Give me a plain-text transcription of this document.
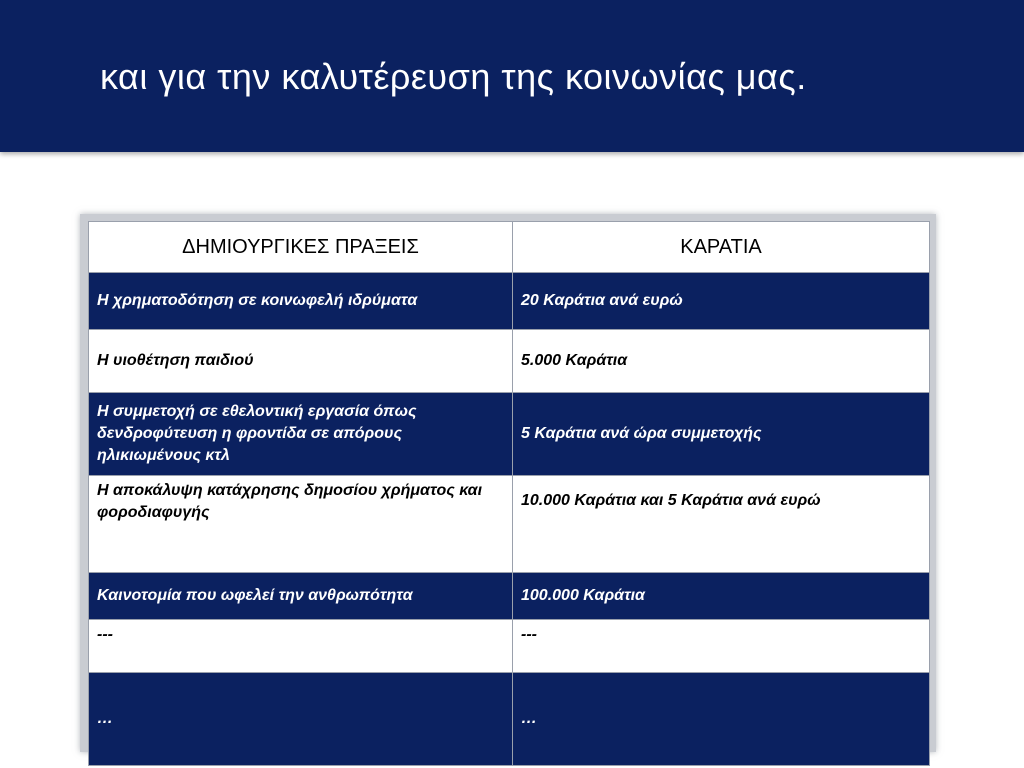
και για την καλυτέρευση της κοινωνίας μας.
ΔΗΜΙΟΥΡΓΙΚΕΣ ΠΡΑΞΕΙΣ	ΚΑΡΑΤΙΑ
Η χρηματοδότηση σε κοινωφελή ιδρύματα	20 Καράτια ανά ευρώ
Η υιοθέτηση παιδιού	5.000 Καράτια
Η συμμετοχή σε εθελοντική εργασία όπως δενδροφύτευση η φροντίδα σε απόρους ηλικιωμένους κτλ	5 Καράτια ανά ώρα συμμετοχής
Η αποκάλυψη κατάχρησης δημοσίου χρήματος και φοροδιαφυγής	10.000 Καράτια και 5 Καράτια ανά ευρώ
Καινοτομία που ωφελεί την ανθρωπότητα	100.000 Καράτια
---	---
…	…
